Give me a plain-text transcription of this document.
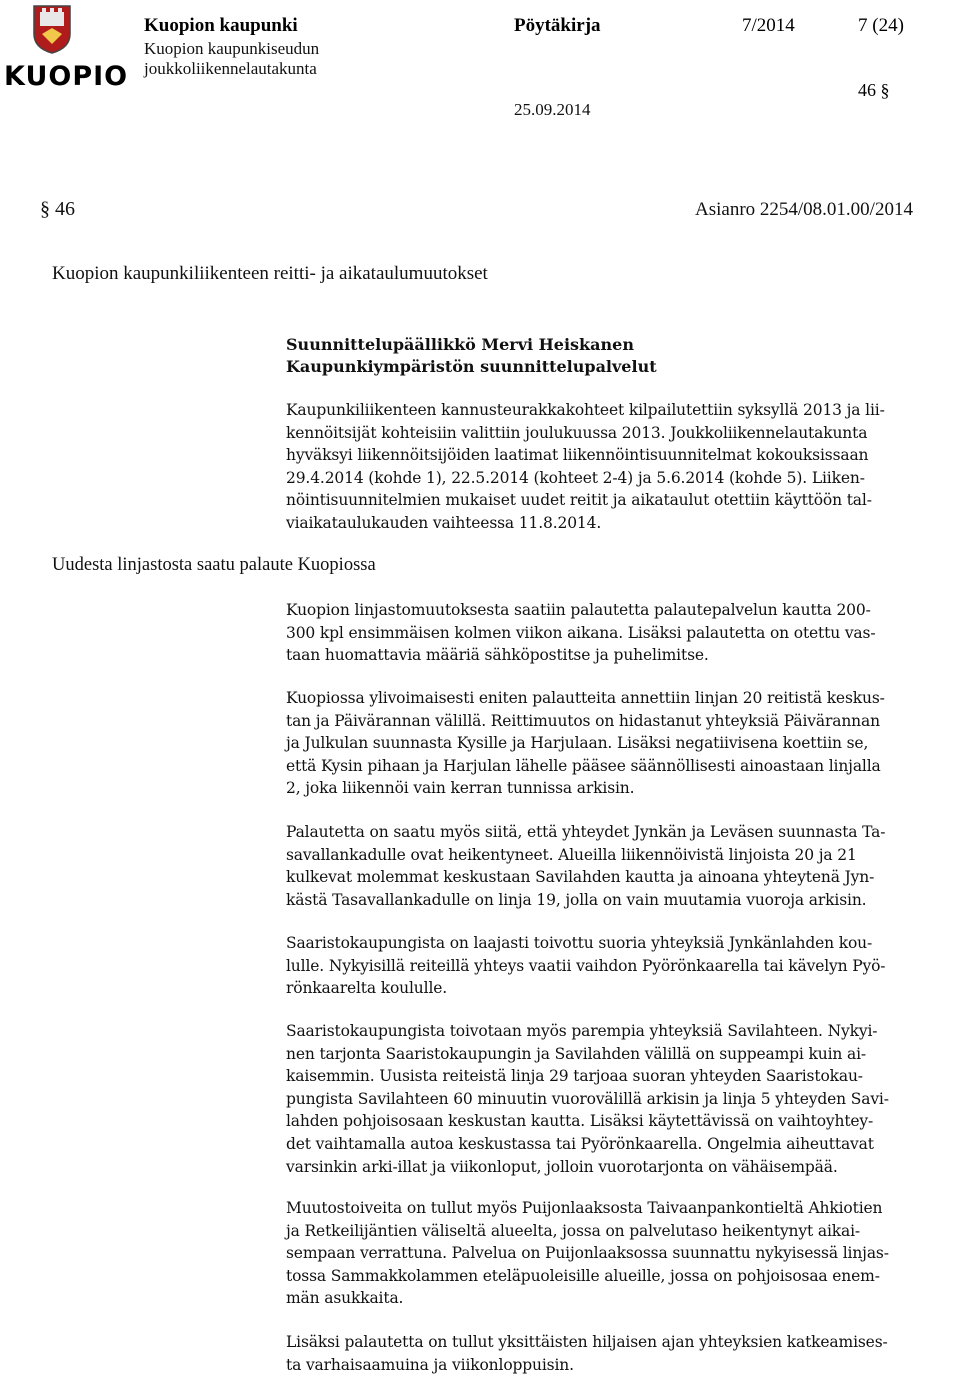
KUOPIO
Kuopion kaupunki
Kuopion kaupunkiseudun
joukkoliikennelautakunta
Pöytäkirja	7/2014	7 (24)
46 §
25.09.2014
§ 46	Asianro 2254/08.01.00/2014
Kuopion kaupunkiliikenteen reitti- ja aikataulumuutokset
Suunnittelupäällikkö Mervi Heiskanen
Kaupunkiympäristön suunnittelupalvelut

Kaupunkiliikenteen kannusteurakkakohteet kilpailutettiin syksyllä 2013 ja lii-

kennöitsijät kohteisiin valittiin joulukuussa 2013. Joukkoliikennelautakunta

hyväksyi liikennöitsijöiden laatimat liikennöintisuunnitelmat kokouksissaan

29.4.2014 (kohde 1), 22.5.2014 (kohteet 2-4) ja 5.6.2014 (kohde 5). Liiken-

nöintisuunnitelmien mukaiset uudet reitit ja aikataulut otettiin käyttöön tal-

viaikataulukauden vaihteessa 11.8.2014.

Uudesta linjastosta saatu palaute Kuopiossa

Kuopion linjastomuutoksesta saatiin palautetta palautepalvelun kautta 200-

300 kpl ensimmäisen kolmen viikon aikana. Lisäksi palautetta on otettu vas-

taan huomattavia määriä sähköpostitse ja puhelimitse.

Kuopiossa ylivoimaisesti eniten palautteita annettiin linjan 20 reitistä keskus-

tan ja Päivärannan välillä. Reittimuutos on hidastanut yhteyksiä Päivärannan

ja Julkulan suunnasta Kysille ja Harjulaan. Lisäksi negatiivisena koettiin se,

että Kysin pihaan ja Harjulan lähelle pääsee säännöllisesti ainoastaan linjalla

2, joka liikennöi vain kerran tunnissa arkisin.

Palautetta on saatu myös siitä, että yhteydet Jynkän ja Leväsen suunnasta Ta-

savallankadulle ovat heikentyneet. Alueilla liikennöivistä linjoista 20 ja 21

kulkevat molemmat keskustaan Savilahden kautta ja ainoana yhteytenä Jyn-

kästä Tasavallankadulle on linja 19, jolla on vain muutamia vuoroja arkisin.

Saaristokaupungista on laajasti toivottu suoria yhteyksiä Jynkänlahden kou-

lulle. Nykyisillä reiteillä yhteys vaatii vaihdon Pyörönkaarella tai kävelyn Pyö-

rönkaarelta koululle.

Saaristokaupungista toivotaan myös parempia yhteyksiä Savilahteen. Nykyi-

nen tarjonta Saaristokaupungin ja Savilahden välillä on suppeampi kuin ai-

kaisemmin. Uusista reiteistä linja 29 tarjoaa suoran yhteyden Saaristokau-

pungista Savilahteen 60 minuutin vuorovälillä arkisin ja linja 5 yhteyden Savi-

lahden pohjoisosaan keskustan kautta. Lisäksi käytettävissä on vaihtoyhtey-

det vaihtamalla autoa keskustassa tai Pyörönkaarella. Ongelmia aiheuttavat

varsinkin arki-illat ja viikonloput, jolloin vuorotarjonta on vähäisempää.

Muutostoiveita on tullut myös Puijonlaaksosta Taivaanpankontieltä Ahkiotien

ja Retkeilijäntien väliseltä alueelta, jossa on palvelutaso heikentynyt aikai-

sempaan verrattuna. Palvelua on Puijonlaaksossa suunnattu nykyisessä linjas-

tossa Sammakkolammen eteläpuoleisille alueille, jossa on pohjoisosaa enem-

män asukkaita.

Lisäksi palautetta on tullut yksittäisten hiljaisen ajan yhteyksien katkeamises-

ta varhaisaamuina ja viikonloppuisin.
